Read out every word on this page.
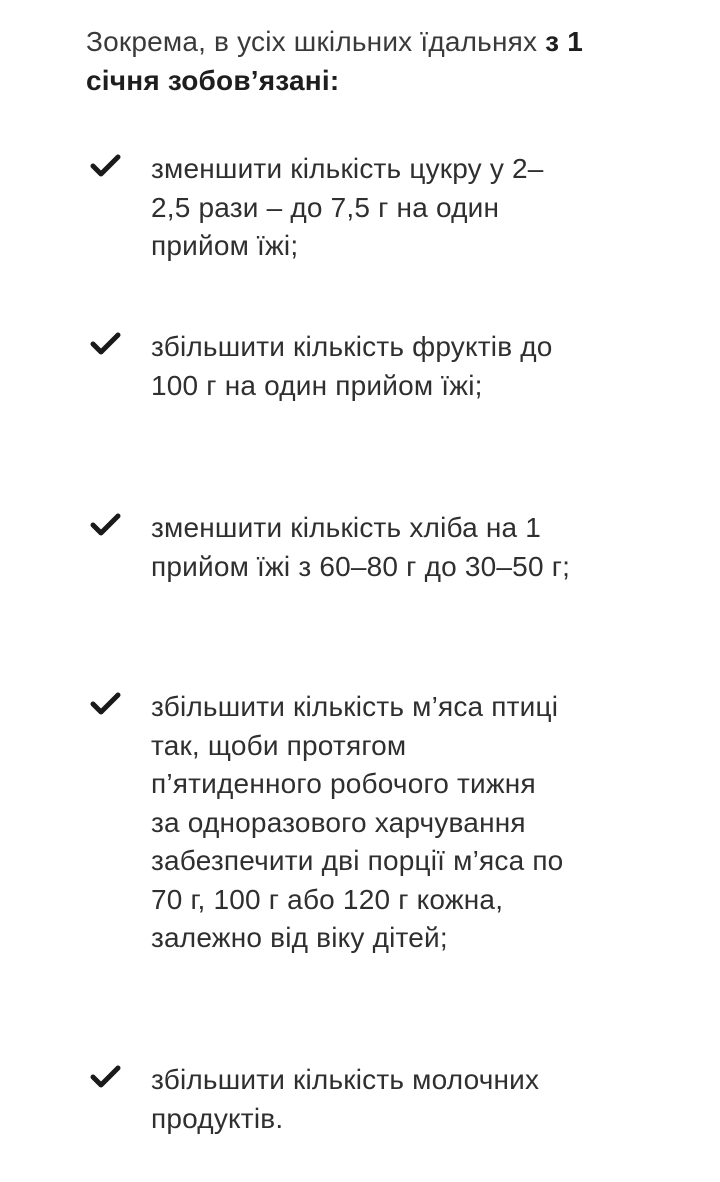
Зокрема, в усіх шкільних їдальнях з 1 січня зобов’язані:
зменшити кількість цукру у 2–2,5 рази – до 7,5 г на один прийом їжі;
збільшити кількість фруктів до 100 г на один прийом їжі;
зменшити кількість хліба на 1 прийом їжі з 60–80 г до 30–50 г;
збільшити кількість м’яса птиці так, щоби протягом п’ятиденного робочого тижня за одноразового харчування забезпечити дві порції м’яса по 70 г, 100 г або 120 г кожна, залежно від віку дітей;
збільшити кількість молочних продуктів.
